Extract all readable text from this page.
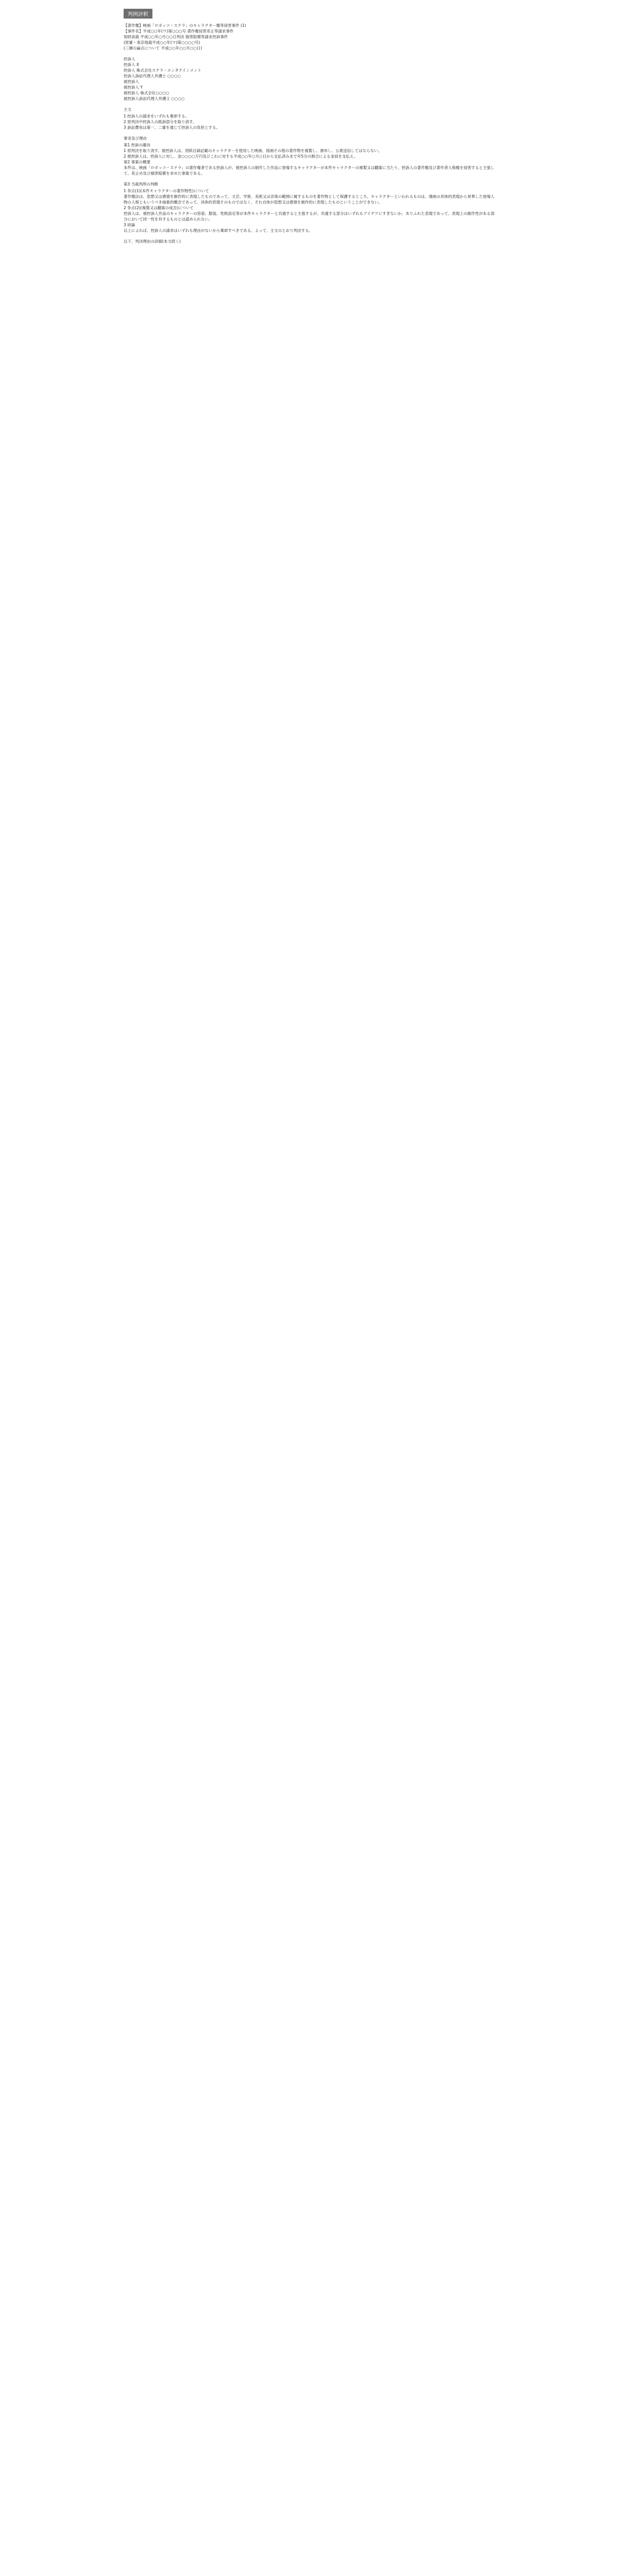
判例評釈

【著作権】映画「ロボッコ・ステラ」のキャラクター権等侵害事件 (1)

【事件名】平成○○年(ワ)第○○○号 著作権侵害差止等請求事件

知財高裁 平成○○年○月○○日判決 損害賠償等請求控訴事件

(原審・東京地裁平成○○年(ワ)第○○○○号)

(三層の論点について 平成○○年○○月○○日)

控訴人

控訴人 X

控訴人 株式会社ステラ・エンタテインメント

控訴人訴訟代理人弁護士 ○○○○

被控訴人

被控訴人 Y

被控訴人 株式会社○○○○

被控訴人訴訟代理人弁護士 ○○○○

主文

1 控訴人の請求をいずれも棄却する。

2 原判決中控訴人の敗訴部分を取り消す。

3 訴訟費用は第一、二審を通じて控訴人の負担とする。

事実及び理由

第1 控訴の趣旨

1 原判決を取り消す。被控訴人は、別紙目録記載のキャラクターを使用した映画、図画その他の著作物を複製し、頒布し、公衆送信してはならない。

2 被控訴人は、控訴人に対し、金○○○○万円及びこれに対する平成○○年○月○日から支払済みまで年5分の割合による金員を支払え。

第2 事案の概要

本件は、映画「ロボッコ・ステラ」の著作権者である控訴人が、被控訴人の制作した作品に登場するキャラクターが本件キャラクターの複製又は翻案に当たり、控訴人の著作権及び著作者人格権を侵害すると主張して、差止め及び損害賠償を求めた事案である。

第3 当裁判所の判断

1 争点(1)(本件キャラクターの著作物性)について

著作権法は、思想又は感情を創作的に表現したものであって、文芸、学術、美術又は音楽の範囲に属するものを著作物として保護するところ、キャラクターといわれるものは、漫画の具体的表現から昇華した登場人物の人格ともいうべき抽象的概念であって、具体的表現そのものではなく、それ自体が思想又は感情を創作的に表現したものということができない。

2 争点(2)(複製又は翻案の成否)について

控訴人は、被控訴人作品のキャラクターの容姿、服装、性格設定等が本件キャラクターと共通すると主張するが、共通する部分はいずれもアイデアにすぎないか、ありふれた表現であって、表現上の創作性がある部分において同一性を有するものとは認められない。

3 結論

以上によれば、控訴人の請求はいずれも理由がないから棄却すべきである。よって、主文のとおり判決する。

以下、判決理由の詳細(本文続く)
